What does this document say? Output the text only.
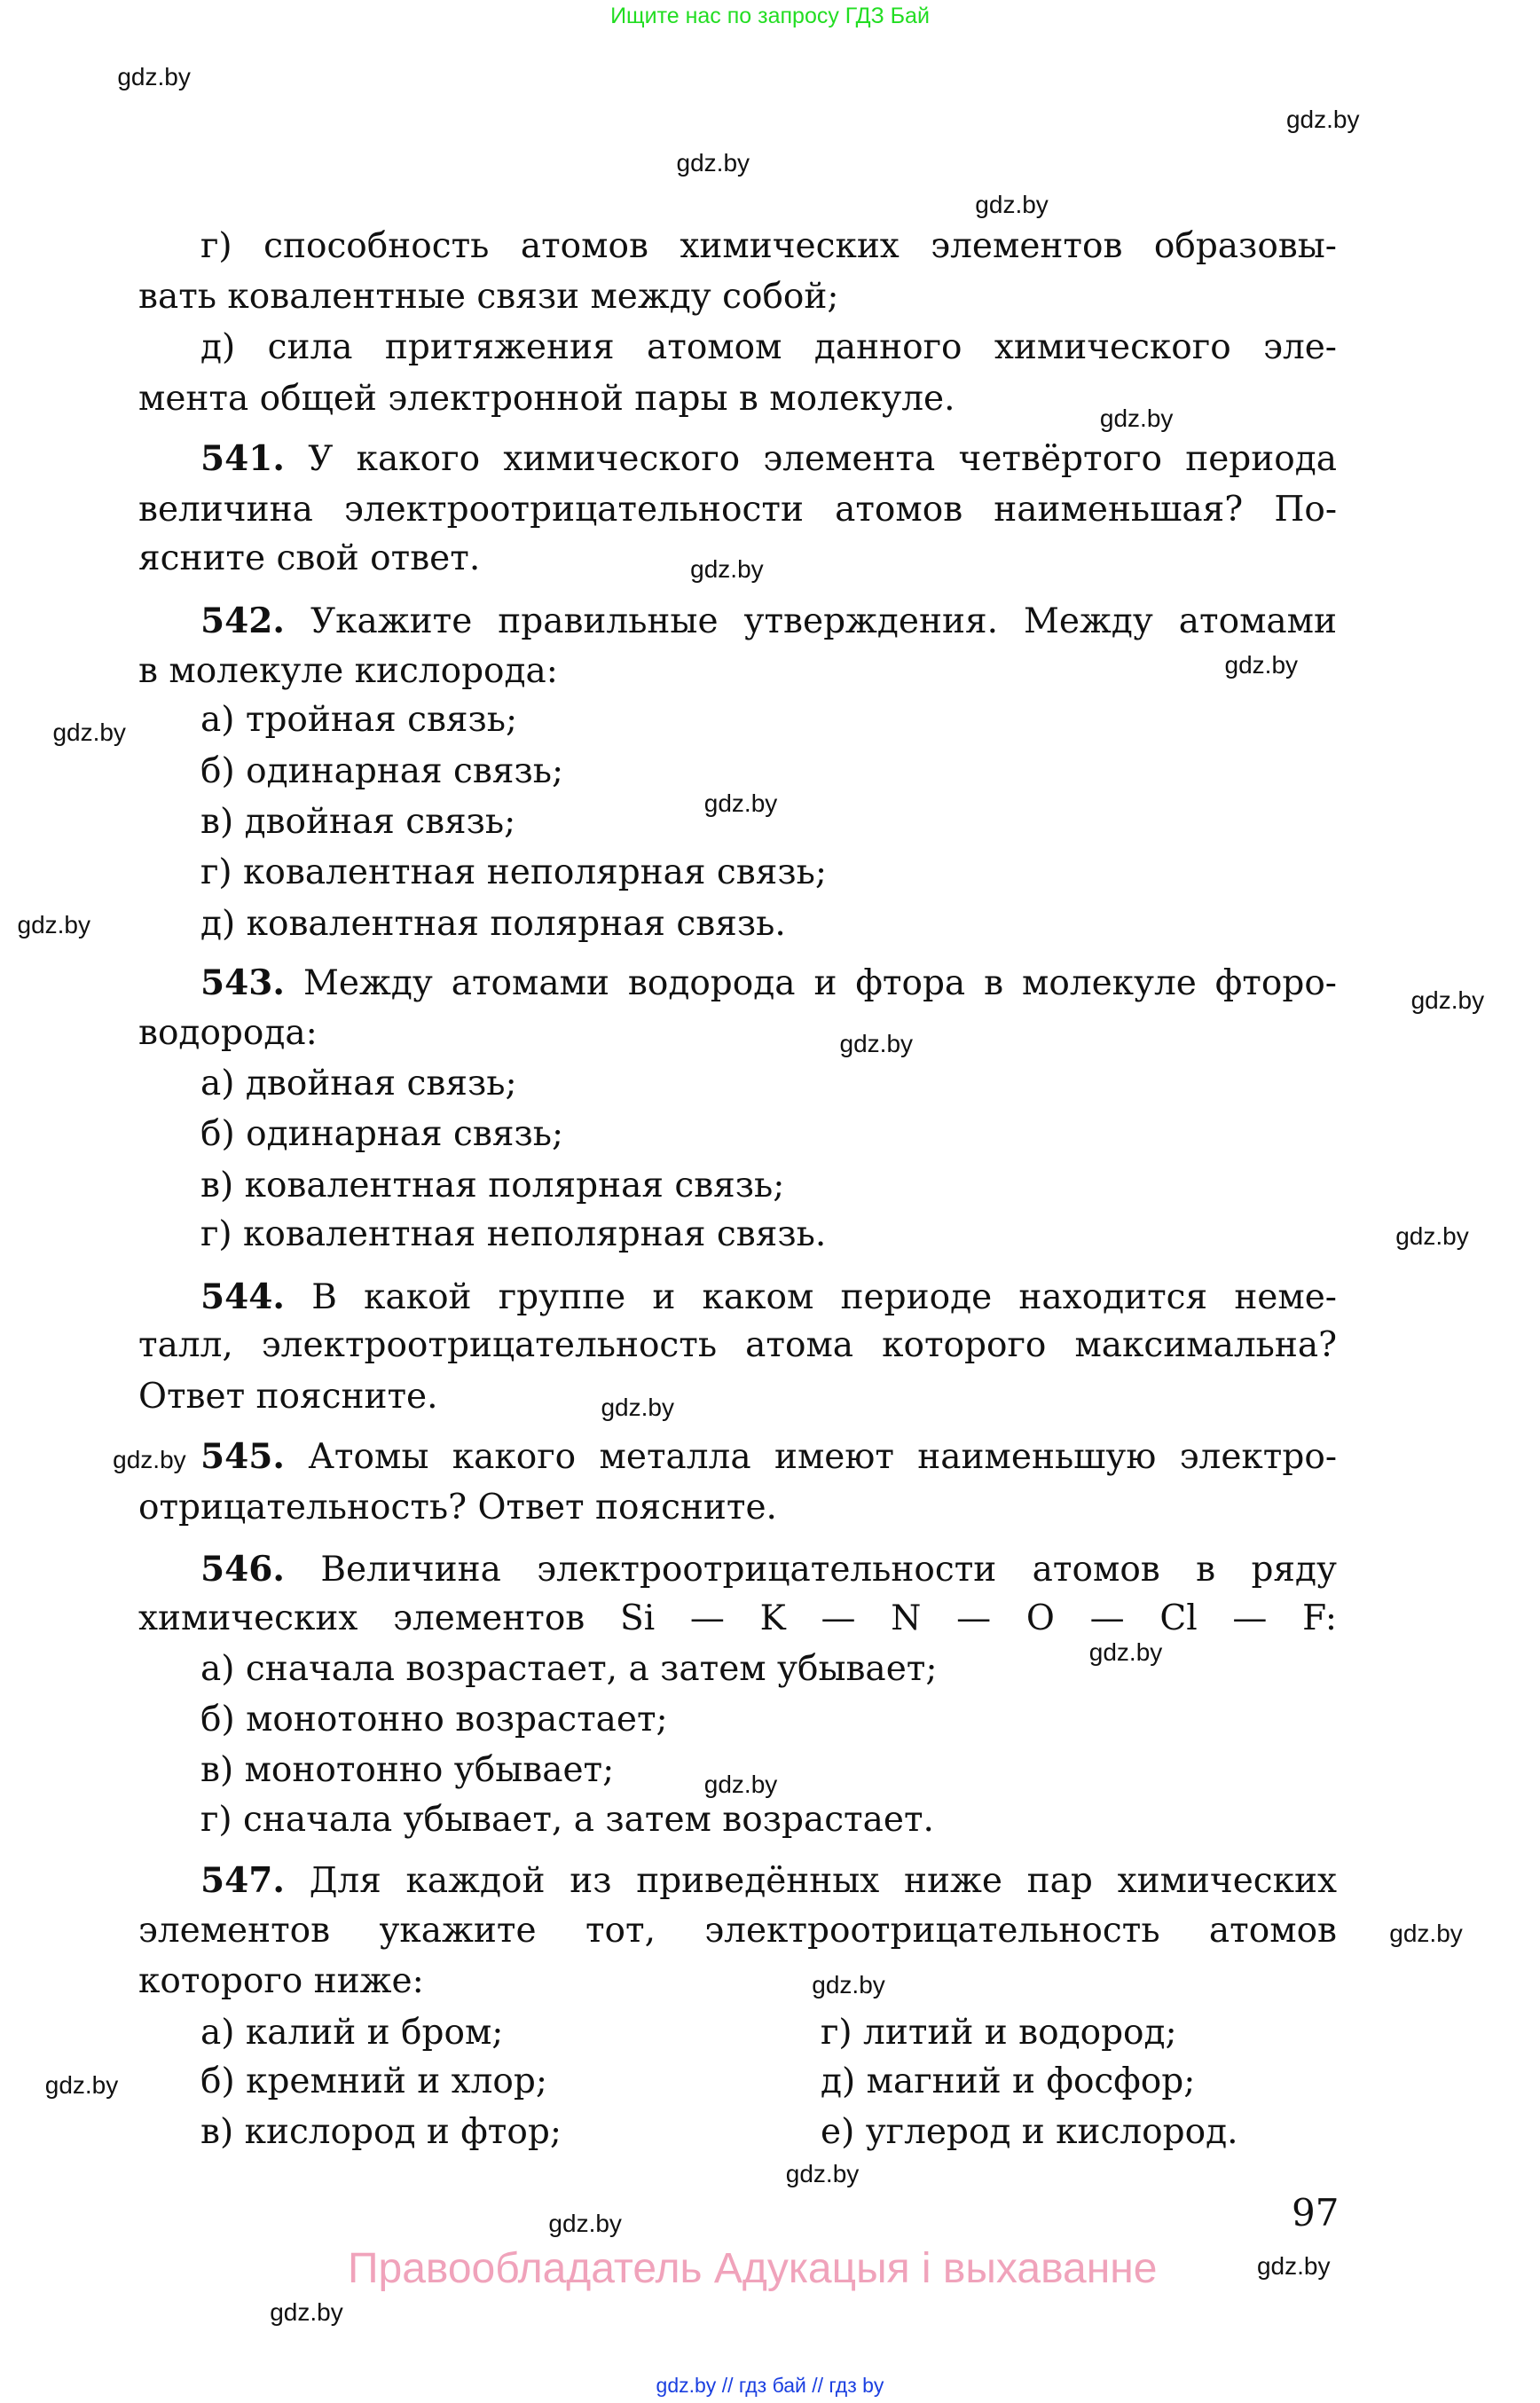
Ищите нас по запросу ГДЗ Бай
г) способность атомов химических элементов образовы-
вать ковалентные связи между собой;
д) сила притяжения атомом данного химического эле-
мента общей электронной пары в молекуле.
541. У какого химического элемента четвёртого периода
величина электроотрицательности атомов наименьшая? По-
ясните свой ответ.
542. Укажите правильные утверждения. Между атомами
в молекуле кислорода:
а) тройная связь;
б) одинарная связь;
в) двойная связь;
г) ковалентная неполярная связь;
д) ковалентная полярная связь.
543. Между атомами водорода и фтора в молекуле фторо-
водорода:
а) двойная связь;
б) одинарная связь;
в) ковалентная полярная связь;
г) ковалентная неполярная связь.
544. В какой группе и каком периоде находится неме-
талл, электроотрицательность атома которого максимальна?
Ответ поясните.
545. Атомы какого металла имеют наименьшую электро-
отрицательность? Ответ поясните.
546. Величина электроотрицательности атомов в ряду
химических элементов Si — K — N — O — Cl — F:
а) сначала возрастает, а затем убывает;
б) монотонно возрастает;
в) монотонно убывает;
г) сначала убывает, а затем возрастает.
547. Для каждой из приведённых ниже пар химических
элементов укажите тот, электроотрицательность атомов
которого ниже:
а) калий и бром;
б) кремний и хлор;
в) кислород и фтор;
г) литий и водород;
д) магний и фосфор;
е) углерод и кислород.
gdz.by
gdz.by
gdz.by
gdz.by
gdz.by
gdz.by
gdz.by
gdz.by
gdz.by
gdz.by
gdz.by
gdz.by
gdz.by
gdz.by
gdz.by
gdz.by
gdz.by
gdz.by
gdz.by
gdz.by
gdz.by
gdz.by
gdz.by
gdz.by
97
Правообладатель Адукацыя і выхаванне
gdz.by // гдз бай // гдз by
